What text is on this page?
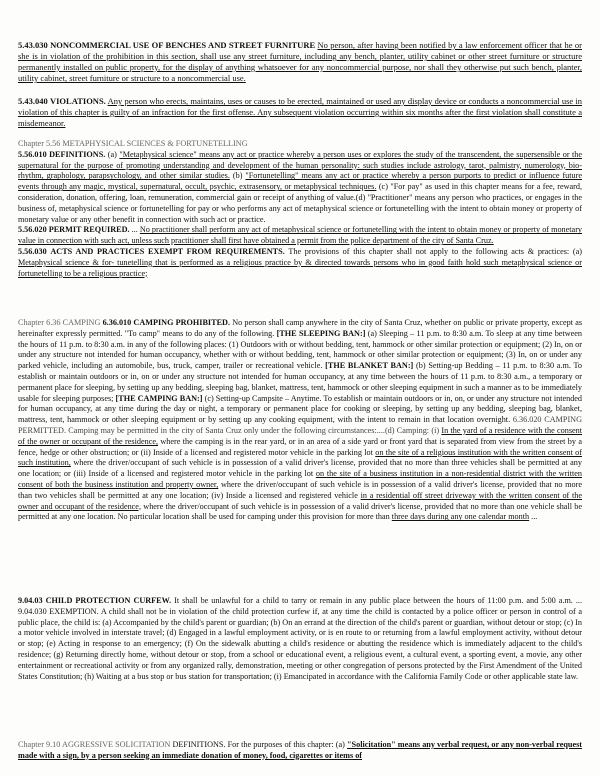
5.43.030 NONCOMMERCIAL USE OF BENCHES AND STREET FURNITURE No person, after having been notified by a law enforcement officer that he or she is in violation of the prohibition in this section, shall use any street furniture, including any bench, planter, utility cabinet or other street furniture or structure permanently installed on public property, for the display of anything whatsoever for any noncommercial purpose, nor shall they otherwise put such bench, planter, utility cabinet, street furniture or structure to a noncommercial use.

5.43.040 VIOLATIONS. Any person who erects, maintains, uses or causes to be erected, maintained or used any display device or conducts a noncommercial use in violation of this chapter is guilty of an infraction for the first offense. Any subsequent violation occurring within six months after the first violation shall constitute a misdemeanor.

Chapter 5.56 METAPHYSICAL SCIENCES & FORTUNETELLING
5.56.010 DEFINITIONS. (a) "Metaphysical science" means any act or practice whereby a person uses or explores the study of the transcendent, the supersensible or the supernatural for the purpose of promoting understanding and development of the human personality: such studies include astrology, tarot, palmistry, numerology, bio-rhythm, graphology, parapsychology, and other similar studies. (b) "Fortunetelling" means any act or practice whereby a person purports to predict or influence future events through any magic, mystical, supernatural, occult, psychic, extrasensory, or metaphysical techniques. (c) "For pay" as used in this chapter means for a fee, reward, consideration, donation, offering, loan, remuneration, commercial gain or receipt of anything of value.(d) "Practitioner" means any person who practices, or engages in the business of, metaphysical science or fortunetelling for pay or who performs any act of metaphysical science or fortunetelling with the intent to obtain money or property of monetary value or any other benefit in connection with such act or practice.
5.56.020 PERMIT REQUIRED. ... No practitioner shall perform any act of metaphysical science or fortunetelling with the intent to obtain money or property of monetary value in connection with such act, unless such practitioner shall first have obtained a permit from the police department of the city of Santa Cruz.
5.56.030 ACTS AND PRACTICES EXEMPT FROM REQUIREMENTS. The provisions of this chapter shall not apply to the following acts & practices: (a) Metaphysical science & for- tunetelling that is performed as a religious practice by & directed towards persons who in good faith hold such metaphysical science or fortunetelling to be a religious practice;

Chapter 6.36 CAMPING 6.36.010 CAMPING PROHIBITED. No person shall camp anywhere in the city of Santa Cruz, whether on public or private property, except as hereinafter expressly permitted. "To camp" means to do any of the following. [THE SLEEPING BAN:] (a) Sleeping – 11 p.m. to 8:30 a.m. To sleep at any time between the hours of 11 p.m. to 8:30 a.m. in any of the following places: (1) Outdoors with or without bedding, tent, hammock or other similar protection or equipment; (2) In, on or under any structure not intended for human occupancy, whether with or without bedding, tent, hammock or other similar protection or equipment; (3) In, on or under any parked vehicle, including an automobile, bus, truck, camper, trailer or recreational vehicle. [THE BLANKET BAN:] (b) Setting-up Bedding – 11 p.m. to 8:30 a.m. To establish or maintain outdoors or in, on or under any structure not intended for human occupancy, at any time between the hours of 11 p.m. to 8:30 a.m., a temporary or permanent place for sleeping, by setting up any bedding, sleeping bag, blanket, mattress, tent, hammock or other sleeping equipment in such a manner as to be immediately usable for sleeping purposes; [THE CAMPING BAN:] (c) Setting-up Campsite – Anytime. To establish or maintain outdoors or in, on, or under any structure not intended for human occupancy, at any time during the day or night, a temporary or permanent place for cooking or sleeping, by setting up any bedding, sleeping bag, blanket, mattress, tent, hammock or other sleeping equipment or by setting up any cooking equipment, with the intent to remain in that location overnight. 6.36.020 CAMPING PERMITTED. Camping may be permitted in the city of Santa Cruz only under the following circumstances:....(d) Camping: (i) In the yard of a residence with the consent of the owner or occupant of the residence, where the camping is in the rear yard, or in an area of a side yard or front yard that is separated from view from the street by a fence, hedge or other obstruction; or (ii) Inside of a licensed and registered motor vehicle in the parking lot on the site of a religious institution with the written consent of such institution, where the driver/occupant of such vehicle is in possession of a valid driver's license, provided that no more than three vehicles shall be permitted at any one location; or (iii) Inside of a licensed and registered motor vehicle in the parking lot on the site of a business institution in a non-residential district with the written consent of both the business institution and property owner, where the driver/occupant of such vehicle is in possession of a valid driver's license, provided that no more than two vehicles shall be permitted at any one location; (iv) Inside a licensed and registered vehicle in a residential off street driveway with the written consent of the owner and occupant of the residence, where the driver/occupant of such vehicle is in possession of a valid driver's license, provided that no more than one vehicle shall be permitted at any one location. No particular location shall be used for camping under this provision for more than three days during any one calendar month ...

9.04.03 CHILD PROTECTION CURFEW. It shall be unlawful for a child to tarry or remain in any public place between the hours of 11:00 p.m. and 5:00 a.m. ... 9.04.030 EXEMPTION. A child shall not be in violation of the child protection curfew if, at any time the child is contacted by a police officer or person in control of a public place, the child is: (a) Accompanied by the child's parent or guardian; (b) On an errand at the direction of the child's parent or guardian, without detour or stop; (c) In a motor vehicle involved in interstate travel; (d) Engaged in a lawful employment activity, or is en route to or returning from a lawful employment activity, without detour or stop; (e) Acting in response to an emergency; (f) On the sidewalk abutting a child's residence or abutting the residence which is immediately adjacent to the child's residence; (g) Returning directly home, without detour or stop, from a school or educational event, a religious event, a cultural event, a sporting event, a movie, any other entertainment or recreational activity or from any organized rally, demonstration, meeting or other congregation of persons protected by the First Amendment of the United States Constitution; (h) Waiting at a bus stop or bus station for transportation; (i) Emancipated in accordance with the California Family Code or other applicable state law.

Chapter 9.10 AGGRESSIVE SOLICITATION DEFINITIONS. For the purposes of this chapter: (a) "Solicitation" means any verbal request, or any non-verbal request made with a sign, by a person seeking an immediate donation of money, food, cigarettes or items of
